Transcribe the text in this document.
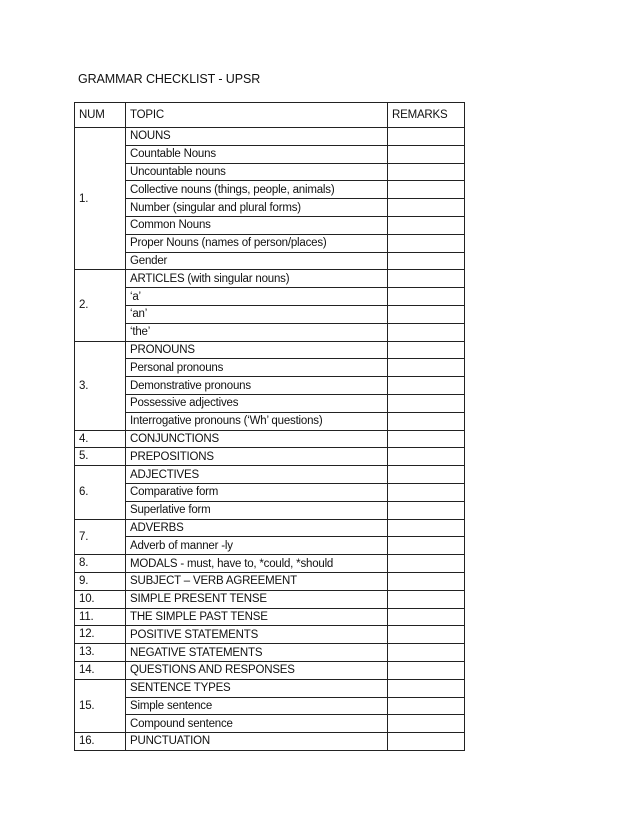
GRAMMAR CHECKLIST - UPSR
NUM	TOPIC	REMARKS
1.	NOUNS	
	Countable Nouns	
	Uncountable nouns	
	Collective nouns (things, people, animals)	
	Number (singular and plural forms)	
	Common Nouns	
	Proper Nouns (names of person/places)	
	Gender	
2.	ARTICLES (with singular nouns)	
	‘a’	
	‘an’	
	‘the’	
3.	PRONOUNS	
	Personal pronouns	
	Demonstrative pronouns	
	Possessive adjectives	
	Interrogative pronouns (‘Wh’ questions)	
4.	CONJUNCTIONS	
5.	PREPOSITIONS	
6.	ADJECTIVES	
	Comparative form	
	Superlative form	
7.	ADVERBS	
	Adverb of manner -ly	
8.	MODALS - must, have to, *could, *should	
9.	SUBJECT – VERB AGREEMENT	
10.	SIMPLE PRESENT TENSE	
11.	THE SIMPLE PAST TENSE	
12.	POSITIVE STATEMENTS	
13.	NEGATIVE STATEMENTS	
14.	QUESTIONS AND RESPONSES	
15.	SENTENCE TYPES	
	Simple sentence	
	Compound sentence	
16.	PUNCTUATION	
